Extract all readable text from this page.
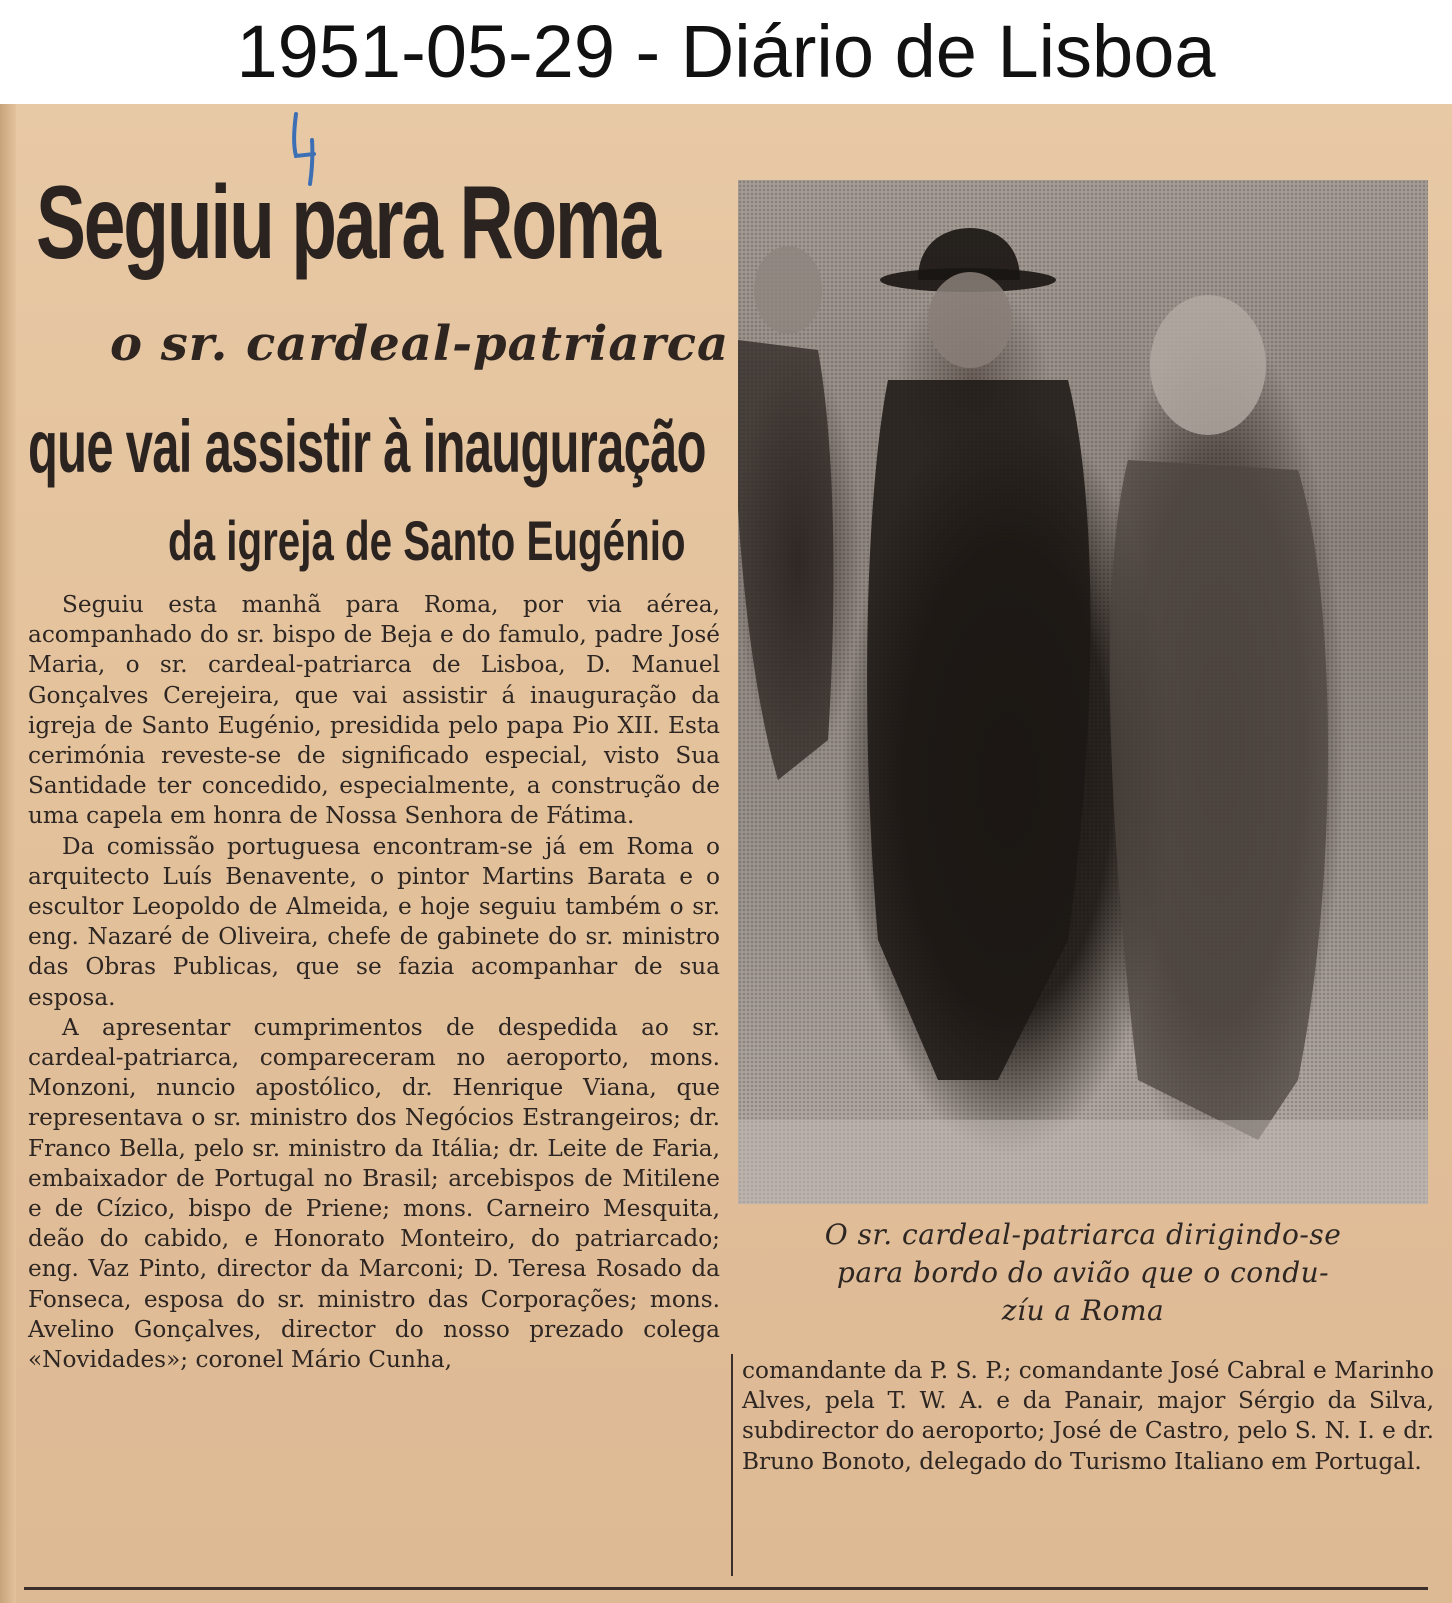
1951-05-29 - Diário de Lisboa
Seguiu para Roma
o sr. cardeal-patriarca
que vai assistir à inauguração
da igreja de Santo Eugénio

Seguiu esta manhã para Roma, por via aérea, acompanhado do sr. bispo de Beja e do famulo, padre José Maria, o sr. cardeal-patriarca de Lisboa, D. Manuel Gonçalves Cerejeira, que vai assistir á inauguração da igreja de Santo Eugénio, presidida pelo papa Pio XII. Esta cerimónia reveste-se de significado especial, visto Sua Santidade ter concedido, especialmente, a construção de uma capela em honra de Nossa Senhora de Fátima.

Da comissão portuguesa encontram-se já em Roma o arquitecto Luís Benavente, o pintor Martins Barata e o escultor Leopoldo de Almeida, e hoje seguiu também o sr. eng. Nazaré de Oliveira, chefe de gabinete do sr. ministro das Obras Publicas, que se fazia acompanhar de sua esposa.

A apresentar cumprimentos de despedida ao sr. cardeal-patriarca, compareceram no aeroporto, mons. Monzoni, nuncio apostólico, dr. Henrique Viana, que representava o sr. ministro dos Negócios Estrangeiros; dr. Franco Bella, pelo sr. ministro da Itália; dr. Leite de Faria, embaixador de Portugal no Brasil; arcebispos de Mitilene e de Cízico, bispo de Priene; mons. Carneiro Mesquita, deão do cabido, e Honorato Monteiro, do patriarcado; eng. Vaz Pinto, director da Marconi; D. Teresa Rosado da Fonseca, esposa do sr. ministro das Corporações; mons. Avelino Gonçalves, director do nosso prezado colega «Novidades»; coronel Mário Cunha,

O sr. cardeal-patriarca dirigindo-se
para bordo do avião que o condu-
zíu a Roma

comandante da P. S. P.; comandante José Cabral e Marinho Alves, pela T. W. A. e da Panair, major Sérgio da Silva, subdirector do aeroporto; José de Castro, pelo S. N. I. e dr. Bruno Bonoto, delegado do Turismo Italiano em Portugal.
